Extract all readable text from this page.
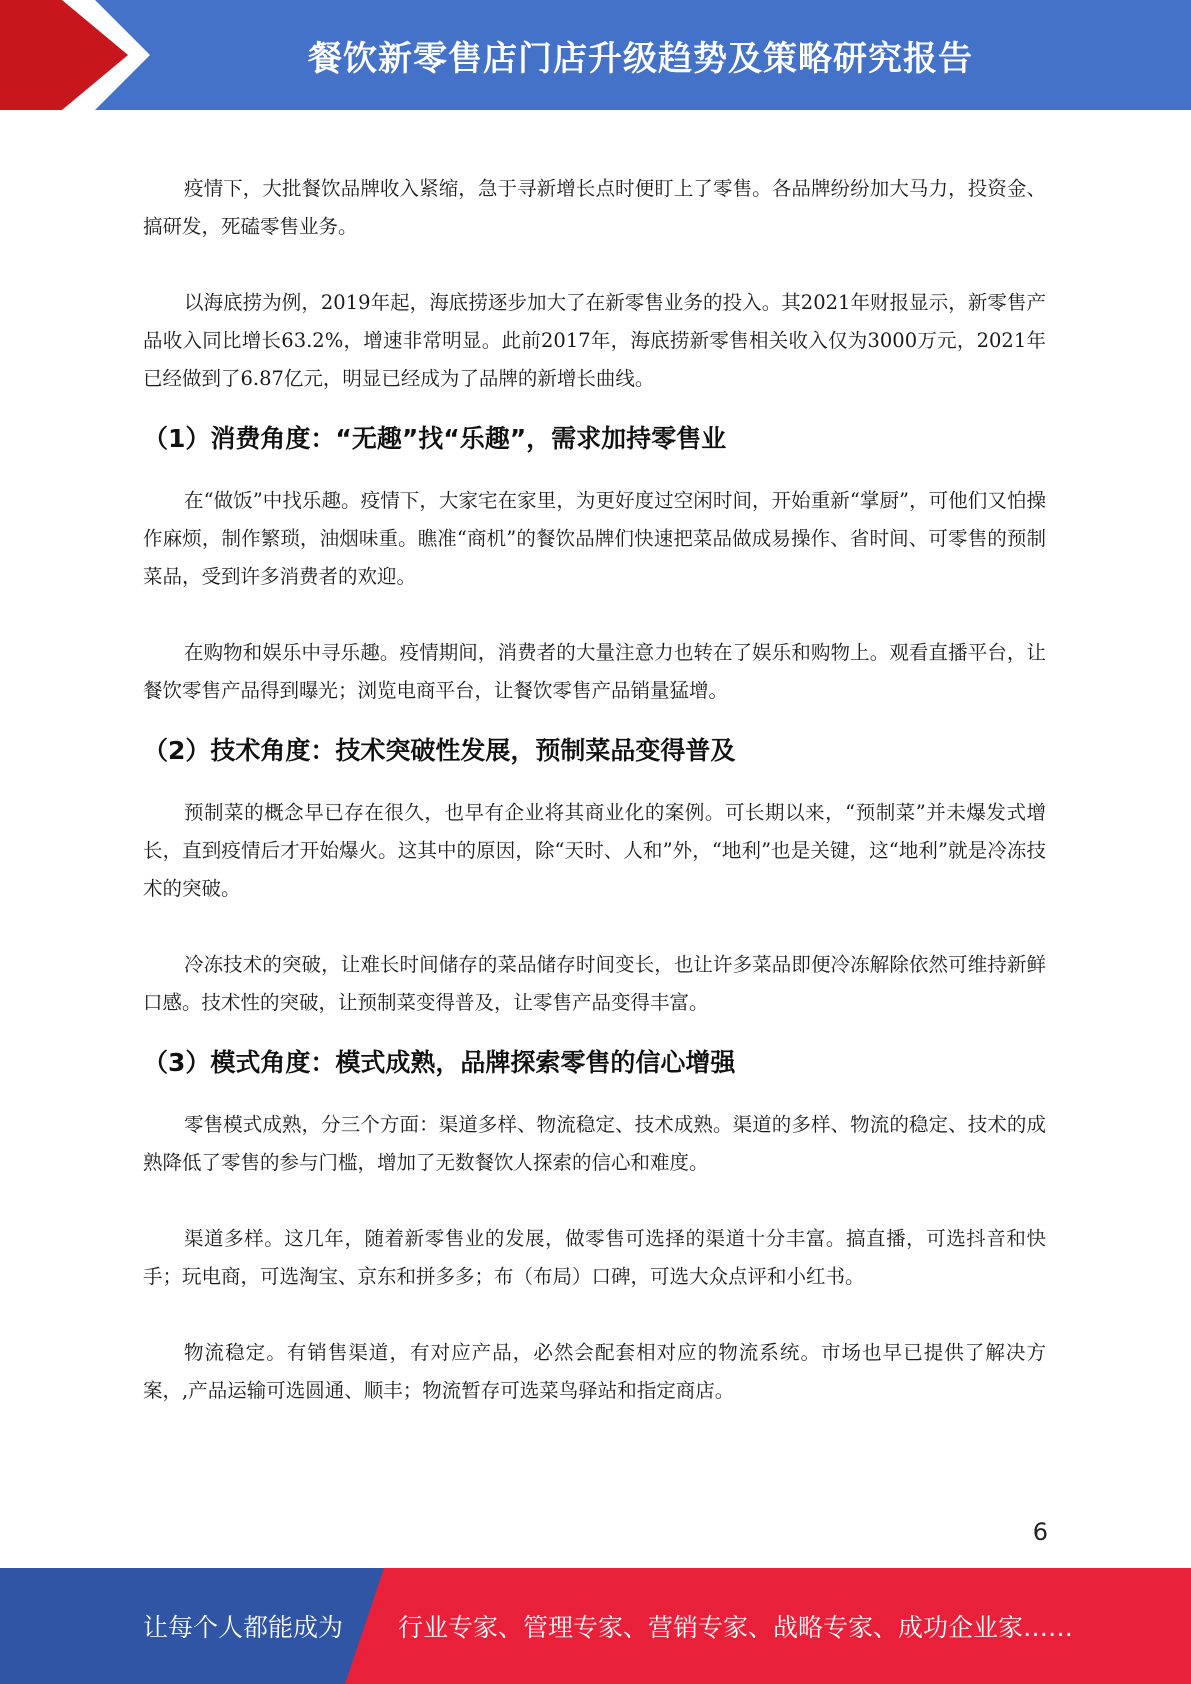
餐饮新零售店门店升级趋势及策略研究报告

疫情下，大批餐饮品牌收入紧缩，急于寻新增长点时便盯上了零售。各品牌纷纷加大马力，投资金、搞研发，死磕零售业务。

以海底捞为例，2019年起，海底捞逐步加大了在新零售业务的投入。其2021年财报显示，新零售产品收入同比增长63.2%，增速非常明显。此前2017年，海底捞新零售相关收入仅为3000万元，2021年已经做到了6.87亿元，明显已经成为了品牌的新增长曲线。

（1）消费角度：“无趣”找“乐趣”，需求加持零售业

在“做饭”中找乐趣。疫情下，大家宅在家里，为更好度过空闲时间，开始重新“掌厨”，可他们又怕操作麻烦，制作繁琐，油烟味重。瞧准“商机”的餐饮品牌们快速把菜品做成易操作、省时间、可零售的预制菜品，受到许多消费者的欢迎。

在购物和娱乐中寻乐趣。疫情期间，消费者的大量注意力也转在了娱乐和购物上。观看直播平台，让餐饮零售产品得到曝光；浏览电商平台，让餐饮零售产品销量猛增。

（2）技术角度：技术突破性发展，预制菜品变得普及

预制菜的概念早已存在很久，也早有企业将其商业化的案例。可长期以来，“预制菜”并未爆发式增长，直到疫情后才开始爆火。这其中的原因，除“天时、人和”外，“地利”也是关键，这“地利”就是冷冻技术的突破。

冷冻技术的突破，让难长时间储存的菜品储存时间变长，也让许多菜品即便冷冻解除依然可维持新鲜口感。技术性的突破，让预制菜变得普及，让零售产品变得丰富。

（3）模式角度：模式成熟，品牌探索零售的信心增强

零售模式成熟，分三个方面：渠道多样、物流稳定、技术成熟。渠道的多样、物流的稳定、技术的成熟降低了零售的参与门槛，增加了无数餐饮人探索的信心和难度。

渠道多样。这几年，随着新零售业的发展，做零售可选择的渠道十分丰富。搞直播，可选抖音和快手；玩电商，可选淘宝、京东和拼多多；布（布局）口碑，可选大众点评和小红书。

物流稳定。有销售渠道，有对应产品，必然会配套相对应的物流系统。市场也早已提供了解决方案，,产品运输可选圆通、顺丰；物流暂存可选菜鸟驿站和指定商店。

6
让每个人都能成为 行业专家、管理专家、营销专家、战略专家、成功企业家……
